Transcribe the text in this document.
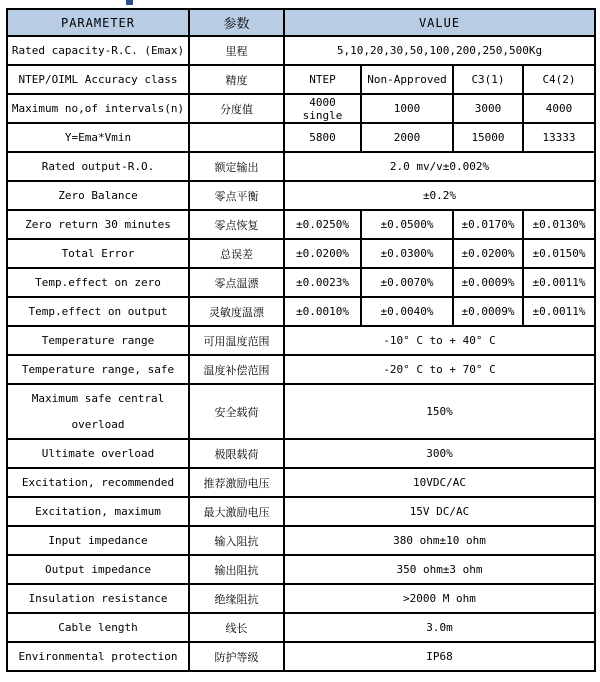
PARAMETER	参数	VALUE			
Rated capacity-R.C. (Emax)	里程	5,10,20,30,50,100,200,250,500Kg			
NTEP/OIML Accuracy class	精度	NTEP	Non-Approved	C3(1)	C4(2)
Maximum no,of intervals(n)	分度值	4000 single	1000	3000	4000
Y=Ema*Vmin		5800	2000	15000	13333
Rated output-R.O.	额定输出	2.0 mv/v±0.002%			
Zero Balance	零点平衡	±0.2%			
Zero return 30 minutes	零点恢复	±0.0250%	±0.0500%	±0.0170%	±0.0130%
Total Error	总误差	±0.0200%	±0.0300%	±0.0200%	±0.0150%
Temp.effect on zero	零点温漂	±0.0023%	±0.0070%	±0.0009%	±0.0011%
Temp.effect on output	灵敏度温漂	±0.0010%	±0.0040%	±0.0009%	±0.0011%
Temperature range	可用温度范围	-10° C to + 40° C			
Temperature range, safe	温度补偿范围	-20° C to + 70° C			
Maximum safe central overload	安全载荷	150%			
Ultimate overload	极限载荷	300%			
Excitation, recommended	推荐激励电压	10VDC/AC			
Excitation, maximum	最大激励电压	15V DC/AC			
Input impedance	输入阻抗	380 ohm±10 ohm			
Output impedance	输出阻抗	350 ohm±3 ohm			
Insulation resistance	绝缘阻抗	>2000 M ohm			
Cable length	线长	3.0m			
Environmental protection	防护等级	IP68			
